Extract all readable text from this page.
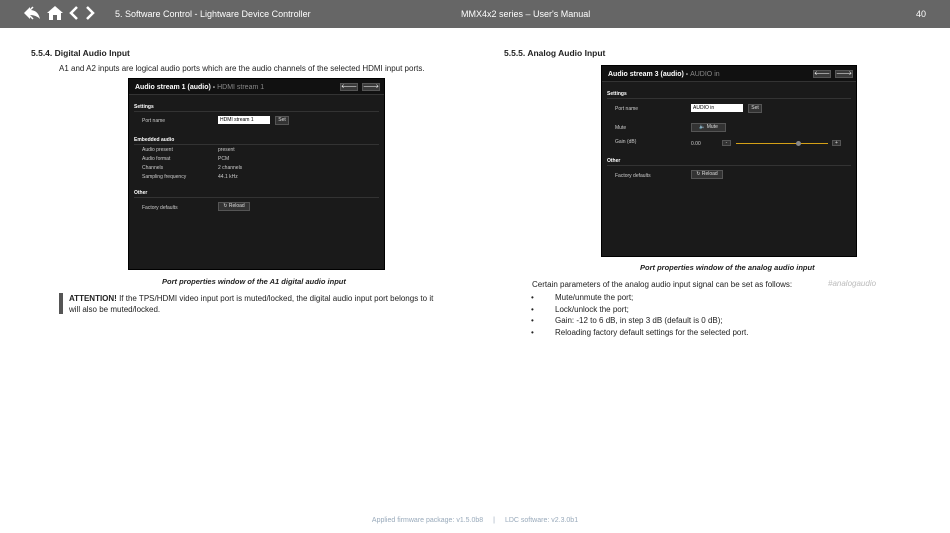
5. Software Control - Lightware Device Controller	MMX4x2 series – User's Manual	40
5.5.4. Digital Audio Input
A1 and A2 inputs are logical audio ports which are the audio channels of the selected HDMI input ports.
Audio stream 1 (audio) - HDMI stream 1	🡐 🡒
Settings
Port name	HDMI stream 1	Set
Embedded audio
Audio present	present
Audio format	PCM
Channels	2 channels
Sampling frequency	44.1 kHz
Other
Factory defaults	↻ Reload
Port properties window of the A1 digital audio input
ATTENTION! If the TPS/HDMI video input port is muted/locked, the digital audio input port belongs to it
will also be muted/locked.
5.5.5. Analog Audio Input
Audio stream 3 (audio) - AUDIO in	🡐 🡒
Settings
Port name	AUDIO in	Set
Mute	🔈 Mute
Gain (dB)	0.00	-	+
Other
Factory defaults	↻ Reload
Port properties window of the analog audio input
Certain parameters of the analog audio input signal can be set as follows:	#analogaudio
• Mute/unmute the port;
• Lock/unlock the port;
• Gain: -12 to 6 dB, in step 3 dB (default is 0 dB);
• Reloading factory default settings for the selected port.
Applied firmware package: v1.5.0b8 | LDC software: v2.3.0b1
